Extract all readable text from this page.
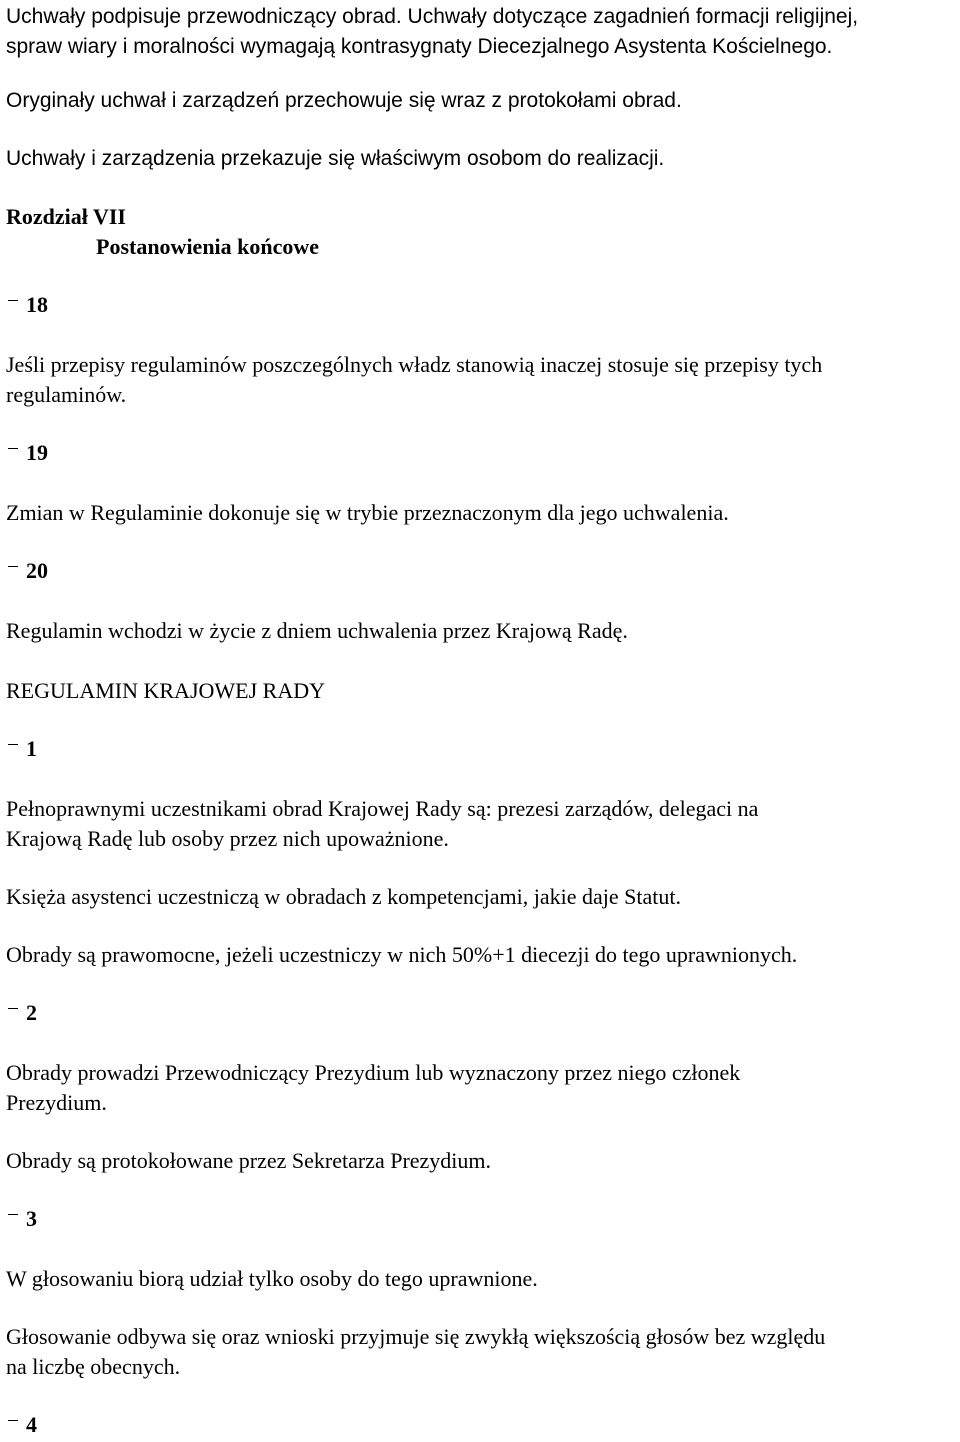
Uchwały podpisuje przewodniczący obrad. Uchwały dotyczące zagadnień formacji religijnej,
spraw wiary i moralności wymagają kontrasygnaty Diecezjalnego Asystenta Kościelnego.
Oryginały uchwał i zarządzeń przechowuje się wraz z protokołami obrad.
Uchwały i zarządzenia przekazuje się właściwym osobom do realizacji.
Rozdział VII
Postanowienia końcowe
18
Jeśli przepisy regulaminów poszczególnych władz stanowią inaczej stosuje się przepisy tych
regulaminów.
19
Zmian w Regulaminie dokonuje się w trybie przeznaczonym dla jego uchwalenia.
20
Regulamin wchodzi w życie z dniem uchwalenia przez Krajową Radę.
REGULAMIN KRAJOWEJ RADY
1
Pełnoprawnymi uczestnikami obrad Krajowej Rady są: prezesi zarządów, delegaci na
Krajową Radę lub osoby przez nich upoważnione.
Księża asystenci uczestniczą w obradach z kompetencjami, jakie daje Statut.
Obrady są prawomocne, jeżeli uczestniczy w nich 50%+1 diecezji do tego uprawnionych.
2
Obrady prowadzi Przewodniczący Prezydium lub wyznaczony przez niego członek
Prezydium.
Obrady są protokołowane przez Sekretarza Prezydium.
3
W głosowaniu biorą udział tylko osoby do tego uprawnione.
Głosowanie odbywa się oraz wnioski przyjmuje się zwykłą większością głosów bez względu
na liczbę obecnych.
4
